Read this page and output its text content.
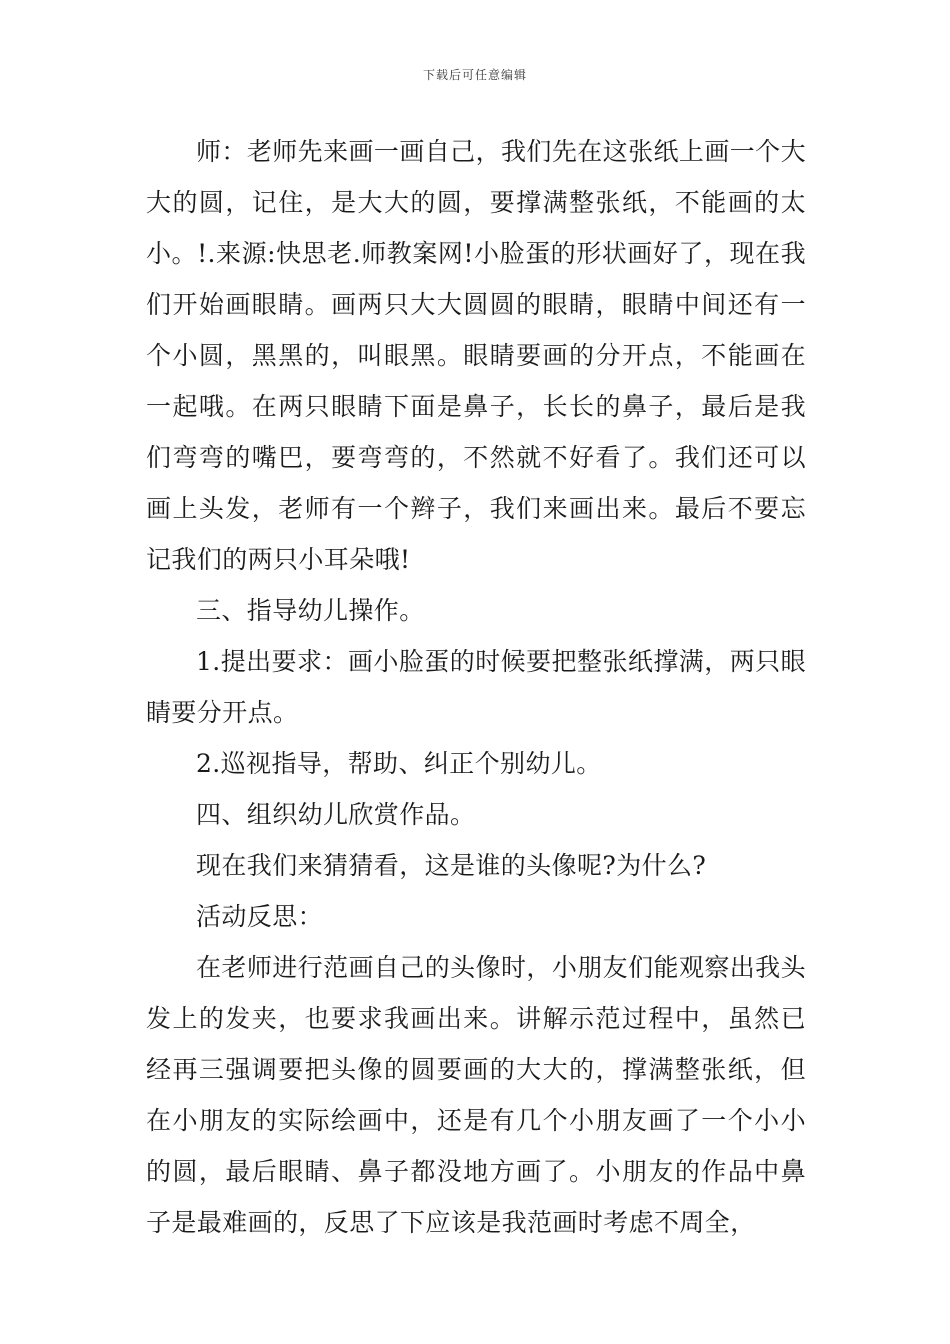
下载后可任意编辑

师：老师先来画一画自己，我们先在这张纸上画一个大大的圆，记住，是大大的圆，要撑满整张纸，不能画的太小。!.来源:快思老.师教案网!小脸蛋的形状画好了，现在我们开始画眼睛。画两只大大圆圆的眼睛，眼睛中间还有一个小圆，黑黑的，叫眼黑。眼睛要画的分开点，不能画在一起哦。在两只眼睛下面是鼻子，长长的鼻子，最后是我们弯弯的嘴巴，要弯弯的，不然就不好看了。我们还可以画上头发，老师有一个辫子，我们来画出来。最后不要忘记我们的两只小耳朵哦!

三、指导幼儿操作。

1.提出要求：画小脸蛋的时候要把整张纸撑满，两只眼睛要分开点。

2.巡视指导，帮助、纠正个别幼儿。

四、组织幼儿欣赏作品。

现在我们来猜猜看，这是谁的头像呢?为什么?

活动反思：

在老师进行范画自己的头像时，小朋友们能观察出我头发上的发夹，也要求我画出来。讲解示范过程中，虽然已经再三强调要把头像的圆要画的大大的，撑满整张纸，但在小朋友的实际绘画中，还是有几个小朋友画了一个小小的圆，最后眼睛、鼻子都没地方画了。小朋友的作品中鼻子是最难画的，反思了下应该是我范画时考虑不周全，
